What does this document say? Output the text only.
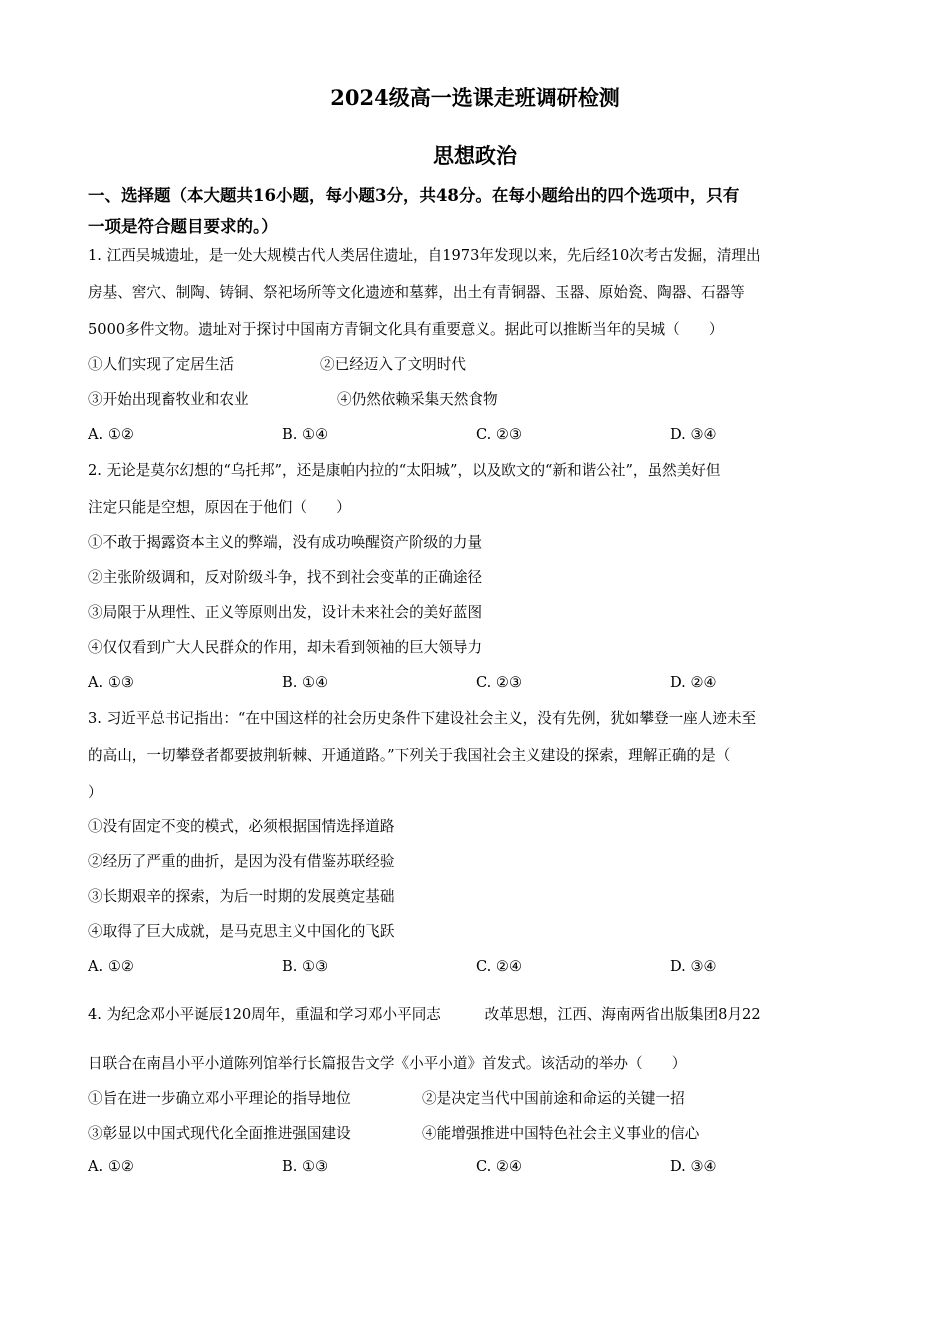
2024级高一选课走班调研检测
思想政治
一、选择题（本大题共16小题，每小题3分，共48分。在每小题给出的四个选项中，只有
一项是符合题目要求的。）
1. 江西吴城遗址，是一处大规模古代人类居住遗址，自1973年发现以来，先后经10次考古发掘，清理出
房基、窖穴、制陶、铸铜、祭祀场所等文化遗迹和墓葬，出土有青铜器、玉器、原始瓷、陶器、石器等
5000多件文物。遗址对于探讨中国南方青铜文化具有重要意义。据此可以推断当年的吴城（　　）
①人们实现了定居生活	②已经迈入了文明时代
③开始出现畜牧业和农业	④仍然依赖采集天然食物
A. ①②	B. ①④	C. ②③	D. ③④
2. 无论是莫尔幻想的“乌托邦”，还是康帕内拉的“太阳城”，以及欧文的“新和谐公社”，虽然美好但
注定只能是空想，原因在于他们（　　）
①不敢于揭露资本主义的弊端，没有成功唤醒资产阶级的力量
②主张阶级调和，反对阶级斗争，找不到社会变革的正确途径
③局限于从理性、正义等原则出发，设计未来社会的美好蓝图
④仅仅看到广大人民群众的作用，却未看到领袖的巨大领导力
A. ①③	B. ①④	C. ②③	D. ②④
3. 习近平总书记指出：“在中国这样的社会历史条件下建设社会主义，没有先例，犹如攀登一座人迹未至
的高山，一切攀登者都要披荆斩棘、开通道路。”下列关于我国社会主义建设的探索，理解正确的是（
）
①没有固定不变的模式，必须根据国情选择道路
②经历了严重的曲折，是因为没有借鉴苏联经验
③长期艰辛的探索，为后一时期的发展奠定基础
④取得了巨大成就，是马克思主义中国化的飞跃
A. ①②	B. ①③	C. ②④	D. ③④
4. 为纪念邓小平诞辰120周年，重温和学习邓小平同志　　　改革思想，江西、海南两省出版集团8月22
日联合在南昌小平小道陈列馆举行长篇报告文学《小平小道》首发式。该活动的举办（　　）
①旨在进一步确立邓小平理论的指导地位	②是决定当代中国前途和命运的关键一招
③彰显以中国式现代化全面推进强国建设	④能增强推进中国特色社会主义事业的信心
A. ①②	B. ①③	C. ②④	D. ③④
